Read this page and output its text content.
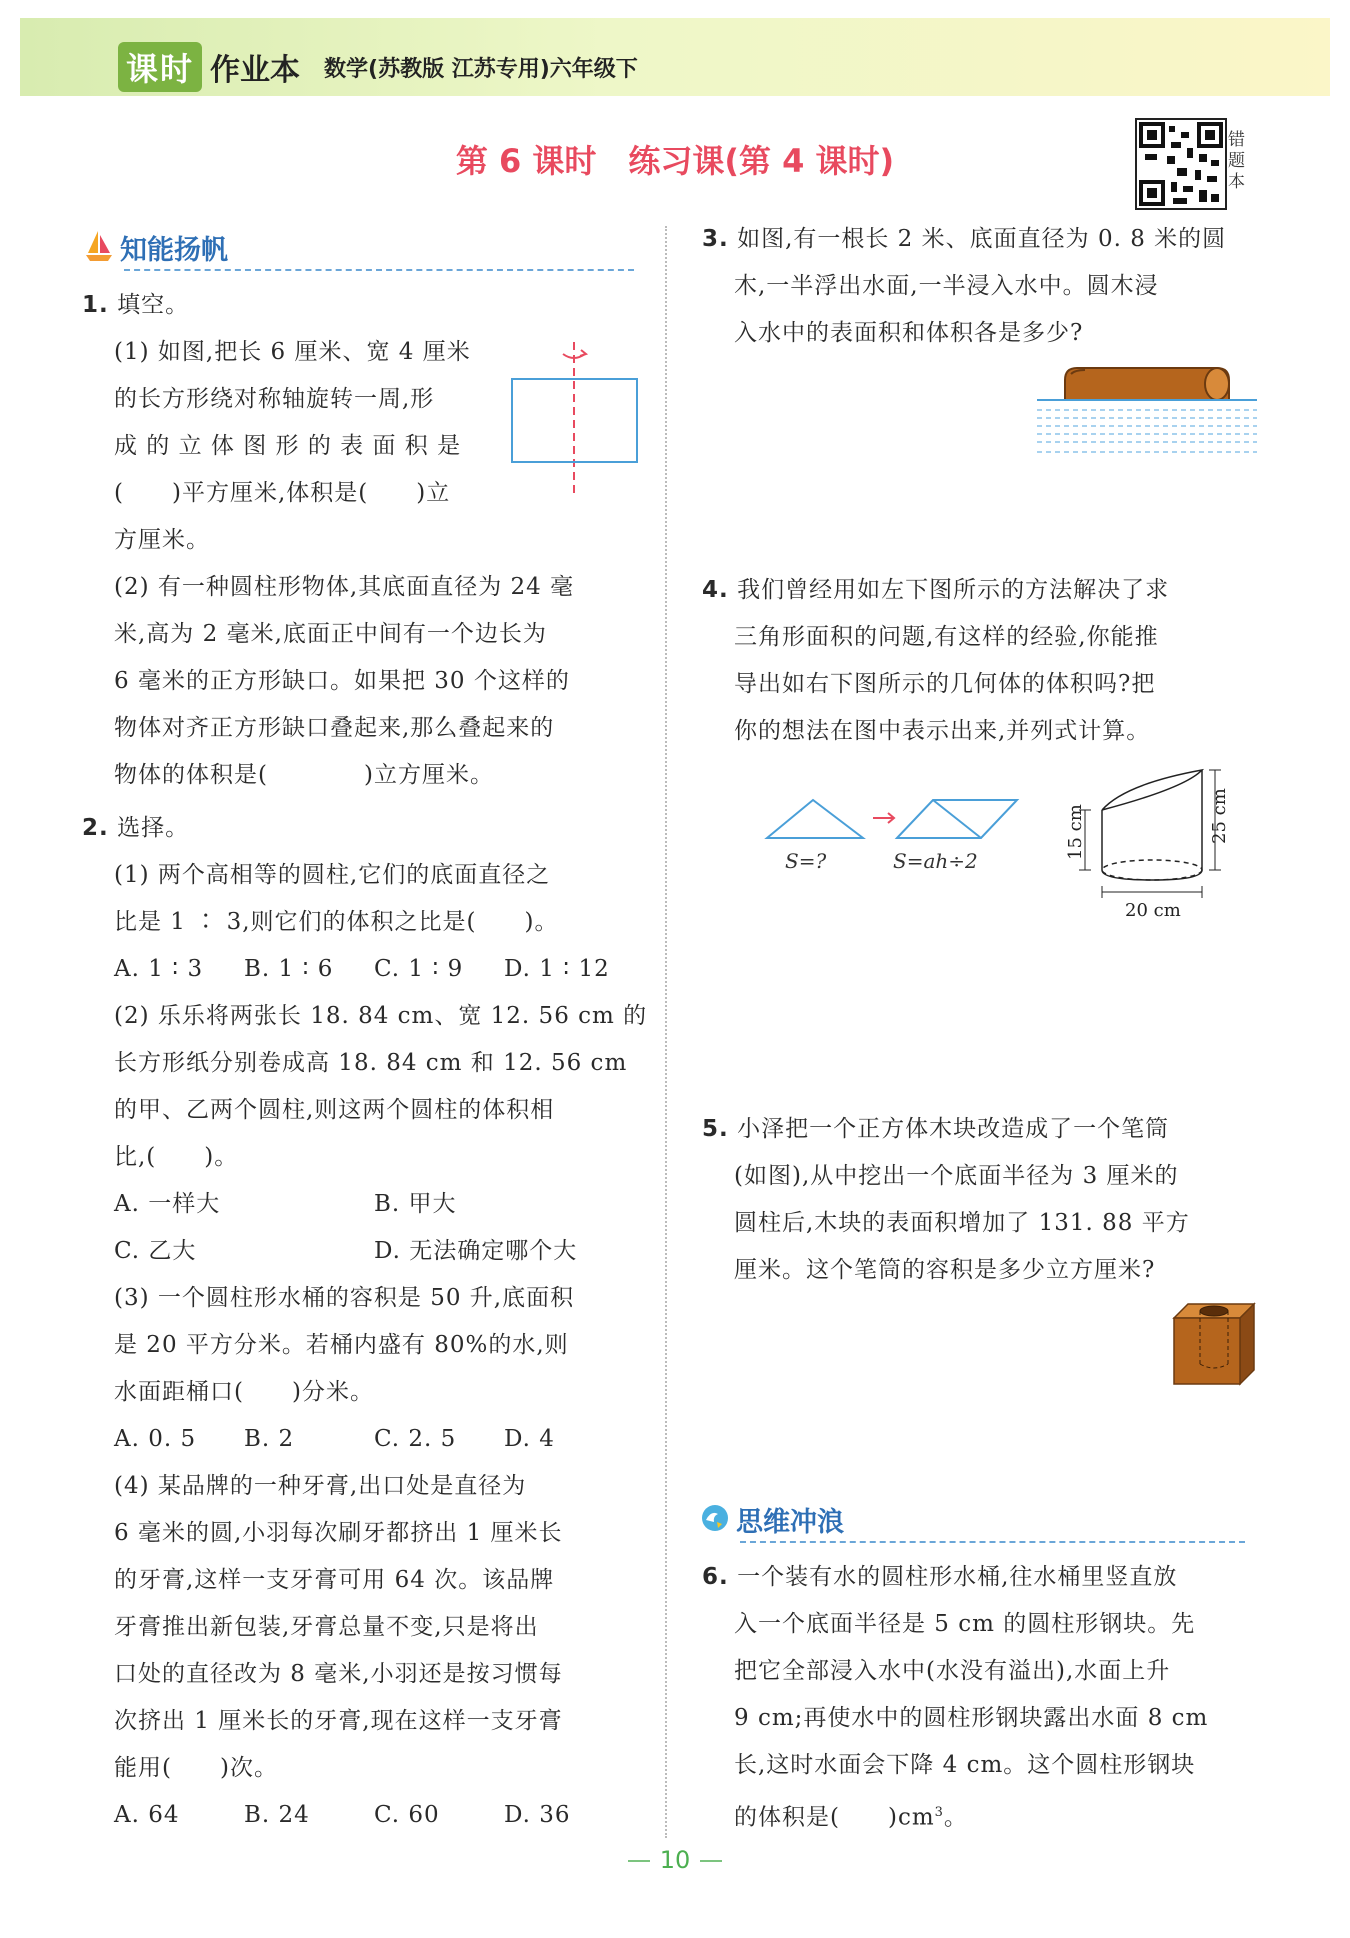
课时 作业本 数学(苏教版 江苏专用)六年级下
第 6 课时　练习课(第 4 课时)
错题本
知能扬帆
1. 填空。
(1) 如图,把长 6 厘米、宽 4 厘米
的长方形绕对称轴旋转一周,形
成 的 立 体 图 形 的 表 面 积 是
(　　)平方厘米,体积是(　　)立
方厘米。
(2) 有一种圆柱形物体,其底面直径为 24 毫
米,高为 2 毫米,底面正中间有一个边长为
6 毫米的正方形缺口。如果把 30 个这样的
物体对齐正方形缺口叠起来,那么叠起来的
物体的体积是(　　　　)立方厘米。
2. 选择。
(1) 两个高相等的圆柱,它们的底面直径之
比是 1 ∶ 3,则它们的体积之比是(　　)。
A. 1 ∶ 3	B. 1 ∶ 6	C. 1 ∶ 9	D. 1 ∶ 12
(2) 乐乐将两张长 18. 84 cm、宽 12. 56 cm 的
长方形纸分别卷成高 18. 84 cm 和 12. 56 cm
的甲、乙两个圆柱,则这两个圆柱的体积相
比,(　　)。
A. 一样大	B. 甲大
C. 乙大	D. 无法确定哪个大
(3) 一个圆柱形水桶的容积是 50 升,底面积
是 20 平方分米。若桶内盛有 80%的水,则
水面距桶口(　　)分米。
A. 0. 5	B. 2	C. 2. 5	D. 4
(4) 某品牌的一种牙膏,出口处是直径为
6 毫米的圆,小羽每次刷牙都挤出 1 厘米长
的牙膏,这样一支牙膏可用 64 次。该品牌
牙膏推出新包装,牙膏总量不变,只是将出
口处的直径改为 8 毫米,小羽还是按习惯每
次挤出 1 厘米长的牙膏,现在这样一支牙膏
能用(　　)次。
A. 64	B. 24	C. 60	D. 36
3. 如图,有一根长 2 米、底面直径为 0. 8 米的圆
木,一半浮出水面,一半浸入水中。圆木浸
入水中的表面积和体积各是多少?
4. 我们曾经用如左下图所示的方法解决了求
三角形面积的问题,有这样的经验,你能推
导出如右下图所示的几何体的体积吗?把
你的想法在图中表示出来,并列式计算。
S=?	S=ah÷2
15 cm	25 cm
20 cm
5. 小泽把一个正方体木块改造成了一个笔筒
(如图),从中挖出一个底面半径为 3 厘米的
圆柱后,木块的表面积增加了 131. 88 平方
厘米。这个笔筒的容积是多少立方厘米?
思维冲浪
6. 一个装有水的圆柱形水桶,往水桶里竖直放
入一个底面半径是 5 cm 的圆柱形钢块。先
把它全部浸入水中(水没有溢出),水面上升
9 cm;再使水中的圆柱形钢块露出水面 8 cm
长,这时水面会下降 4 cm。这个圆柱形钢块
的体积是(　　)$cm^3$。
10
